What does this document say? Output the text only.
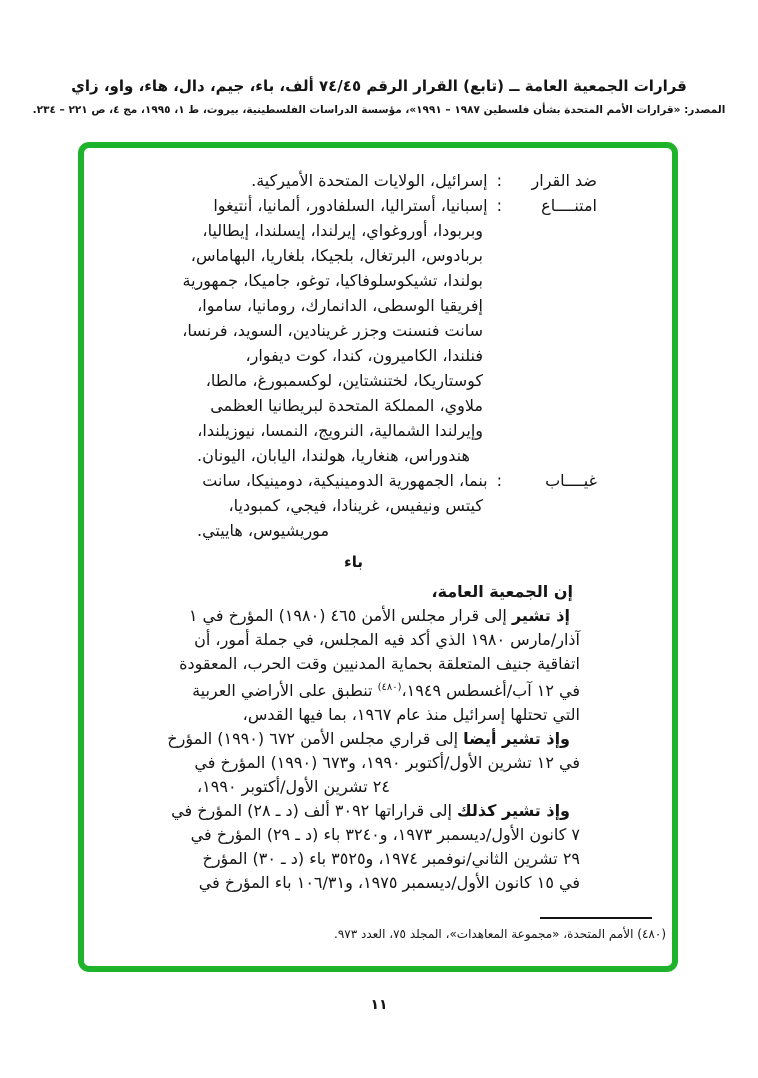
قرارات الجمعية العامة ــ (تابع) القرار الرقم ٧٤/٤٥ ألف، باء، جيم، دال، هاء، واو، زاي
المصدر: «قرارات الأمم المتحدة بشأن فلسطين ١٩٨٧ – ١٩٩١»، مؤسسة الدراسات الفلسطينية، بيروت، ط ١، ١٩٩٥، مج ٤، ص ٢٢١ – ٢٣٤.
ضد القرار:إسرائيل، الولايات المتحدة الأميركية.
امتنــــاع:إسبانيا، أستراليا، السلفادور، ألمانيا، أنتيغوا
وبربودا، أوروغواي، إيرلندا، إيسلندا، إيطاليا،
بربادوس، البرتغال، بلجيكا، بلغاريا، البهاماس،
بولندا، تشيكوسلوفاكيا، توغو، جاميكا، جمهورية
إفريقيا الوسطى، الدانمارك، رومانيا، ساموا،
سانت فنسنت وجزر غرينادين، السويد، فرنسا،
فنلندا، الكاميرون، كندا، كوت ديفوار،
كوستاريكا، لختنشتاين، لوكسمبورغ، مالطا،
ملاوي، المملكة المتحدة لبريطانيا العظمى
وإيرلندا الشمالية، النرويج، النمسا، نيوزيلندا،
هندوراس، هنغاريا، هولندا، اليابان، اليونان.
غيــــاب:بنما، الجمهورية الدومينيكية، دومينيكا، سانت
كيتس ونيفيس، غرينادا، فيجي، كمبوديا،
موريشيوس، هاييتي.
باء
إن الجمعية العامة،
إذ تشير إلى قرار مجلس الأمن ٤٦٥ (١٩٨٠) المؤرخ في ١
آذار/مارس ١٩٨٠ الذي أكد فيه المجلس، في جملة أمور، أن
اتفاقية جنيف المتعلقة بحماية المدنيين وقت الحرب، المعقودة
في ١٢ آب/أغسطس ١٩٤٩،$^{(٤٨٠)}$ تنطبق على الأراضي العربية
التي تحتلها إسرائيل منذ عام ١٩٦٧، بما فيها القدس،
وإذ تشير أيضا إلى قراري مجلس الأمن ٦٧٢ (١٩٩٠) المؤرخ
في ١٢ تشرين الأول/أكتوبر ١٩٩٠، و٦٧٣ (١٩٩٠) المؤرخ في
٢٤ تشرين الأول/أكتوبر ١٩٩٠،
وإذ تشير كذلك إلى قراراتها ٣٠٩٢ ألف (د ـ ٢٨) المؤرخ في
٧ كانون الأول/ديسمبر ١٩٧٣، و٣٢٤٠ باء (د ـ ٢٩) المؤرخ في
٢٩ تشرين الثاني/نوفمبر ١٩٧٤، و٣٥٢٥ باء (د ـ ٣٠) المؤرخ
في ١٥ كانون الأول/ديسمبر ١٩٧٥، و١٠٦/٣١ باء المؤرخ في
(٤٨٠) الأمم المتحدة، «مجموعة المعاهدات»، المجلد ٧٥، العدد ٩٧٣.
١١
